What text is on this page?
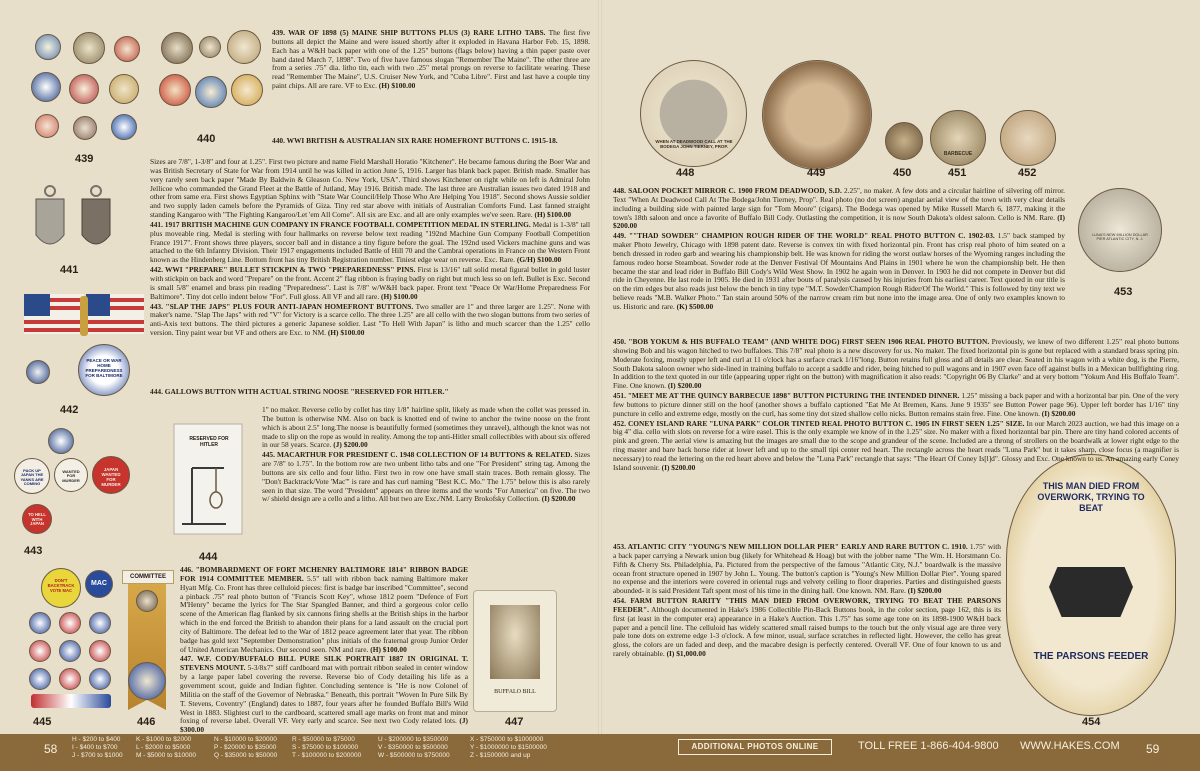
439
440
441
PEACE OR WAR HOME PREPAREDNESS FOR BALTIMORE
442
PACK UP JAPAN THE YANKS ARE COMING
WANTED FOR MURDER
JAPAN WANTED FOR MURDER
TO HELL WITH JAPAN
443
RESERVED FOR HITLER
444
DON'T BACKTRACK VOTE MAC
MAC
445
COMMITTEE
446
BUFFALO BILL
447

439. WAR OF 1898 (5) MAINE SHIP BUTTONS PLUS (3) RARE LITHO TABS. The first five buttons all depict the Maine and were issued shortly after it exploded in Havana Harbor Feb. 15, 1898. Each has a W&H back paper with one of the 1.25" buttons (flags below) having a thin paper paste over hand dated March 7, 1898". Two of five have famous slogan "Remember The Maine". The other three are from a series .75" dia. litho tin, each with two .25" metal prongs on reverse to facilitate wearing. These read "Remember The Maine", U.S. Cruiser New York, and "Cuba Libre". First and last have a couple tiny paint chips. All are rare. VF to Exc. (H) $100.00

440. WWI BRITISH & AUSTRALIAN SIX RARE HOMEFRONT BUTTONS C. 1915-18.

Sizes are 7/8", 1-3/8" and four at 1.25". First two picture and name Field Marshall Horatio "Kitchener". He became famous during the Boer War and was British Secretary of State for War from 1914 until he was killed in action June 5, 1916. Larger has blank back paper. British made. Smaller has very rarely seen back paper "Made By Baldwin & Gleason Co. New York, USA". Third shows Kitchener on right while on left is Admiral John Jellicoe who commanded the Grand Fleet at the Battle of Jutland, May 1916. British made. The last three are Australian issues two dated 1918 and other from same era. First shows Egyptian Sphinx with "State War Council/Help Those Who Are Helping You 1918". Second shows Aussie soldier and two supply laden camels before the Pyramids of Giza. Tiny red star above with initials of Australian Comforts Fund. Last fanned straight standing Kangaroo with "The Fighting Kangaroo/Let 'em All Come". All six are Exc. and all are only examples we've seen. Rare. (H) $100.00

441. 1917 BRITISH MACHINE GUN COMPANY IN FRANCE FOOTBALL COMPETITION MEDAL IN STERLING. Medal is 1-3/8" tall plus moveable ring. Medal is sterling with four hallmarks on reverse below text reading "192nd Machine Gun Company Football Competition France 1917". Front shows three players, soccer ball and in distance a tiny figure before the goal. The 192nd used Vickers machine guns and was attached to the 6th Infantry Division. Their 1917 engagements included Battle of Hill 70 and the Cambrai operations in France on the Western Front known as the Hindenberg Line. Bottom front has tiny British Registration number. Tiniest edge wear on reverse. Exc. Rare. (G/H) $100.00

442. WWI "PREPARE" BULLET STICKPIN & TWO "PREPAREDNESS" PINS. First is 13/16" tall solid metal figural bullet in gold luster with stickpin on back and word "Prepare" on the front. Accent 2" flag ribbon is fraying badly on right but much less so on left. Bullet is Exc. Second is small 5/8" enamel and brass pin reading "Preparedness". Last is 7/8" w/W&H back paper. Front text "Peace Or War/Home Preparedness For Baltimore". Tiny dot cello indent below "For". Full gloss. All VF and all rare. (H) $100.00

443. "SLAP THE JAPS" PLUS FOUR ANTI-JAPAN HOMEFRONT BUTTONS. Two smaller are 1" and three larger are 1.25". None with maker's name. "Slap The Japs" with red "V" for Victory is a scarce cello. The three 1.25" are all cello with the two slogan buttons from two series of anti-Axis text buttons. The third pictures a generic Japanese soldier. Last "To Hell With Japan" is litho and much scarcer than the 1.25" cello version. Tiny paint wear but VF and others are Exc. to NM. (H) $100.00

444. GALLOWS BUTTON WITH ACTUAL STRING NOOSE "RESERVED FOR HITLER."

1" no maker. Reverse cello by collet has tiny 1/8" hairline split, likely as made when the collet was pressed in. The button is otherwise NM. Also on back is knotted end of twine to anchor the twine noose on the front which is about 2.5" long.The noose is beautifully formed (sometimes they unravel), although the knot was not made to slip on the rope as would in reality. Among the top anti-Hitler small collectibles with about six offered in our 58 years. Scarce. (J) $200.00

445. MACARTHUR FOR PRESIDENT C. 1948 COLLECTION OF 14 BUTTONS & RELATED. Sizes are 7/8" to 1.75". In the bottom row are two unbent litho tabs and one "For President" string tag. Among the buttons are six cello and four litho. First two in row one have small stain traces. Both remain glossy. The "Don't Backtrack/Vote 'Mac'" is rare and has curl naming "Best K.C. Mo." The 1.75" below this is also rarely seen in that size. The word "President" appears on three items and the words "For America" on five. The two w/ shield design are a cello and a litho. All but two are Exc./NM. Larry Brokofsky Collection. (I) $200.00

446. "BOMBARDMENT OF FORT MCHENRY BALTIMORE 1814" RIBBON BADGE FOR 1914 COMMITTEE MEMBER. 5.5" tall with ribbon back naming Baltimore maker Hyatt Mfg. Co. Front has three celluloid pieces: first is badge bar inscribed "Committee", second a pinback .75" real photo button of "Francis Scott Key", whose 1812 poem "Defence of Fort M'Henry" became the lyrics for The Star Spangled Banner, and third a gorgeous color cello scene of the American flag flanked by six cannons firing shells at the British ships in the harbor which in the end forced the British to abandon their plans for a land assault on the crucial port city of Baltimore. The defeat led to the War of 1812 peace agreement later that year. The ribbon badge has gold text "September Demonstration" plus initials of the fraternal group Junior Order of United American Mechanics. Our second seen. NM and rare. (H) $100.00

447. W.F. CODY/BUFFALO BILL PURE SILK PORTRAIT 1887 IN ORIGINAL T. STEVENS MOUNT. 5-3/8x7" stiff cardboard mat with portrait ribbon sealed in center window by a large paper label covering the reverse. Reverse bio of Cody detailing his life as a government scout, guide and Indian fighter. Concluding sentence is "He is now Colonel of Militia on the staff of the Governor of Nebraska." Beneath, this portrait "Woven In Pure Silk By T. Stevens, Coventry" (England) dates to 1887, four years after he founded Buffalo Bill's Wild West in 1883. Slightest curl to the cardboard, scattered small age marks on front mat and minor foxing of reverse label. Overall VF. Very early and scarce. See next two Cody related lots. (J) $300.00

WHEN AT DEADWOOD CALL AT THE BODEGA JOHN TIERNEY, PROP.
448	449	450
BARBECUE
451	452
LUNA'S NEW MILLION DOLLAR PIER ATLANTIC CITY, N. J.
453
THIS MAN DIED FROM OVERWORK, TRYING TO BEAT
THE PARSONS FEEDER
454

448. SALOON POCKET MIRROR C. 1900 FROM DEADWOOD, S.D. 2.25", no maker. A few dots and a circular hairline of silvering off mirror. Text "When At Deadwood Call At The Bodega/John Tierney, Prop". Real photo (no dot screen) angular aerial view of the town with very clear details including a building side with painted large sign for "Tom Moore" (cigars). The Bodega was opened by Mike Russell March 6, 1877, making it the town's 18th saloon and once a favorite of Buffalo Bill Cody. Outlasting the competition, it is now South Dakota's oldest saloon. Cello is NM. Rare. (I) $200.00

449. ""THAD SOWDER" CHAMPION ROUGH RIDER OF THE WORLD" REAL PHOTO BUTTON C. 1902-03. 1.5" back stamped by maker Photo Jewelry, Chicago with 1898 patent date. Reverse is convex tin with fixed horizontal pin. Front has crisp real photo of him seated on a bench dressed in rodeo garb and wearing his championship belt. He was known for riding the worst outlaw horses of the Wyoming ranges including the famous rodeo horse Steamboat. Sowder rode at the Denver Festival Of Mountains And Plains in 1901 where he won the championship belt. He then became the star and lead rider in Buffalo Bill Cody's Wild West Show. In 1902 he again won in Denver. In 1903 he did not compete in Denver but did ride in Cheyenne. He last rode in 1905. He died in 1931 after bouts of paralysis caused by his injuries from his earliest career. Text quoted in our title is on the rim edges but also reads just below the bench in tiny type "M.T. Sowder/Champion Rough Rider/Of The World." This is followed by tiny text we believe reads "M.B. Walker Photo." Tan stain around 50% of the narrow cream rim but none into the image area. One of only two examples known to us. Historic and rare. (K) $500.00

450. "BOB YOKUM & HIS BUFFALO TEAM" (AND WHITE DOG) FIRST SEEN 1906 REAL PHOTO BUTTON. Previously, we knew of two different 1.25" real photo buttons showing Bob and his wagon hitched to two buffaloes. This 7/8" real photo is a new discovery for us. No maker. The fixed horizontal pin is gone but replaced with a standard brass spring pin. Moderate foxing, mostly upper left and curl at 11 o'clock has a surface crack 1/16"long. Button retains full gloss and all details are clear. Seated in his wagon with a white dog, is the Pierre, South Dakota saloon owner who side-lined in training buffalo to accept a saddle and rider, being hitched to pull wagons and in 1907 even face off against bulls in a Mexican bullfighting ring. In addition to the text quoted in our title (appearing upper right on the button) with magnification it also reads: "Copyright 06 By Clarke" and at very bottom "Yokum And His Buffalo Team". Fine. One known. (I) $200.00

451. "MEET ME AT THE QUINCY BARBECUE 1898" BUTTON PICTURING THE INTENDED DINNER. 1.25" missing a back paper and with a horizontal bar pin. One of the very few buttons to picture dinner still on the hoof (another shows a buffalo captioned "Eat Me At Bremen, Kans. June 9 1935" see Button Power page 96). Upper left border has 1/16" tiny puncture in cello and extreme edge, mostly on the curl, has some tiny dot sized shallow cello nicks. Button remains stain free. Fine. One known. (I) $200.00

452. CONEY ISLAND RARE "LUNA PARK" COLOR TINTED REAL PHOTO BUTTON C. 1905 IN FIRST SEEN 1.25" SIZE. In our March 2023 auction, we had this image on a big 4" dia. cello with slots on reverse for a wire easel. This is the only example we know of in the 1.25" size. No maker with a fixed horizontal bar pin. There are tiny hand colored accents of pink and green. The aerial view is amazing but the images are small due to the scope and grandeur of the scene. Included are a throng of strollers on the boardwalk at lower right edge to the ring master and bare back horse rider at lower left and up to the small tipi center red heart. The rectangle across the heart reads "Luna Park" but it takes sharp, close focus (a magnifier is necessary) to read the lettering on the red heart above and below the "Luna Park" rectangle that says: "The Heart Of Coney Is[l]d". Glossy and Exc. One known to us. An amazing early Coney Island souvenir. (I) $200.00

453. ATLANTIC CITY "YOUNG'S NEW MILLION DOLLAR PIER" EARLY AND RARE BUTTON C. 1910. 1.75" with a back paper carrying a Newark union bug (likely for Whitehead & Hoag) but with the jobber name "The Wm. H. Horstmann Co. Fifth & Cherry Sts. Philadelphia, Pa. Pictured from the perspective of the famous "Atlantic City, N.J." boardwalk is the massive ocean front structure opened in 1907 by John L. Young. The button's caption is "Young's New Million Dollar Pier". Young spared no expense and the interiors were covered in oriental rugs and velvety ceiling to floor draperies. Parties and distinguished guests abounded- it is said President Taft spent most of his time in the dining hall. One known. NM. Rare. (I) $200.00

454. FARM BUTTON RARITY "THIS MAN DIED FROM OVERWORK, TRYING TO BEAT THE PARSONS FEEDER". Although documented in Hake's 1986 Collectible Pin-Back Buttons book, in the color section, page 162, this is its first (at least in the computer era) appearance in a Hake's Auction. This 1.75" has some age tone on its 1898-1900 W&H back paper and a pencil line. The celluloid has widely scattered small raised bumps to the touch but the only visual age are three very pale tone dots on extreme edge 1-3 o'clock. A few minor, usual, surface scratches in reflected light. However, the cello has great gloss, the colors are un faded and deep, and the macabre design is perfectly centered. Overall VF. One of four known to us and rarely obtainable. (I) $1,000.00

58
H - $200 to $400
I - $400 to $700
J - $700 to $1000
K - $1000 to $2000
L - $2000 to $5000
M - $5000 to $10000
N - $10000 to $20000
P - $20000 to $35000
Q - $35000 to $50000
R - $50000 to $75000
S - $75000 to $100000
T - $100000 to $200000
U - $200000 to $350000
V - $350000 to $500000
W - $500000 to $750000
X - $750000 to $1000000
Y - $1000000 to $1500000
Z - $1500000 and up
ADDITIONAL PHOTOS ONLINE	TOLL FREE 1-866-404-9800 WWW.HAKES.COM 59
